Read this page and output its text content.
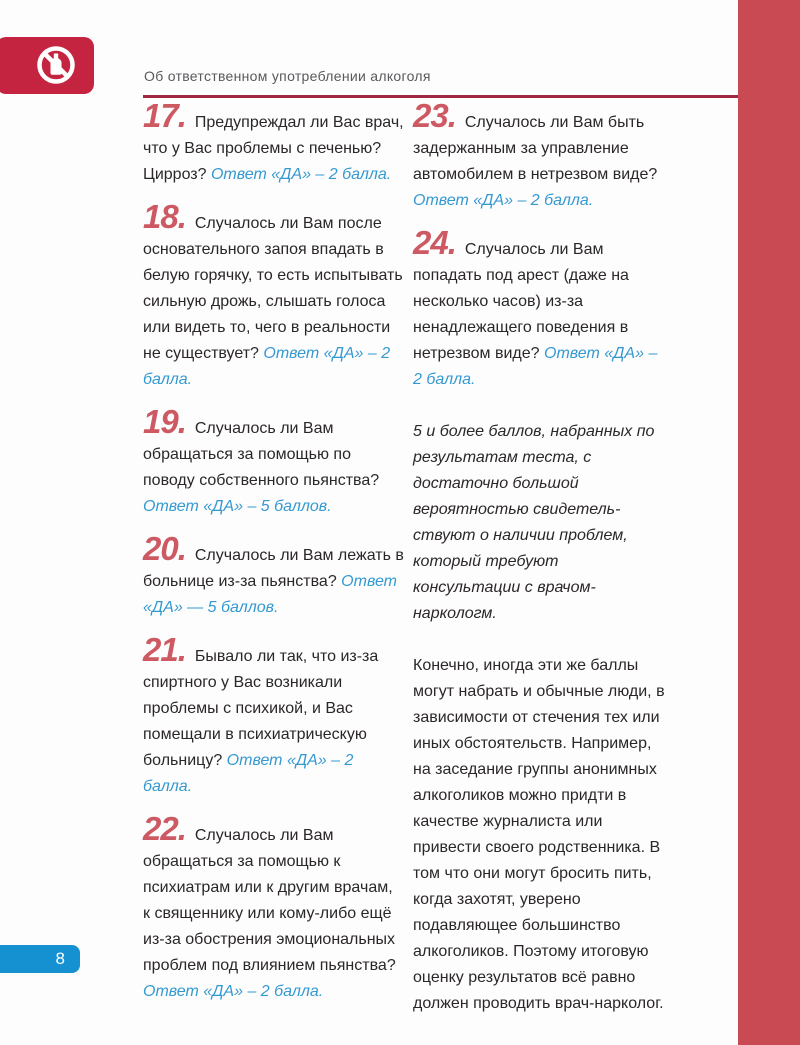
Об ответственном употреблении алкоголя

17. Предупреждал ли Вас врач, что у Вас проблемы с печенью? Цирроз? Ответ «ДА» – 2 балла.

18. Случалось ли Вам после основательного запоя впадать в белую горячку, то есть испытывать сильную дрожь, слышать голоса или видеть то, чего в реальности не существует? Ответ «ДА» – 2 балла.

19. Случалось ли Вам обращаться за помощью по поводу собственного пьянства? Ответ «ДА» – 5 баллов.

20. Случалось ли Вам лежать в больнице из-за пьянства? Ответ «ДА» — 5 баллов.

21. Бывало ли так, что из-за спиртного у Вас возникали проблемы с психикой, и Вас помещали в психиатрическую больницу? Ответ «ДА» – 2 балла.

22. Случалось ли Вам обращаться за помощью к психиатрам или к другим врачам, к священнику или кому-либо ещё из-за обострения эмоциональных проблем под влиянием пьянства? Ответ «ДА» – 2 балла.

23. Случалось ли Вам быть задержанным за управление автомобилем в нетрезвом виде? Ответ «ДА» – 2 балла.

24. Случалось ли Вам попадать под арест (даже на несколько часов) из-за ненадлежащего поведения в нетрезвом виде? Ответ «ДА» – 2 балла.

5 и более баллов, набранных по результатам теста, с достаточно большой вероятностью свидетельствуют о наличии проблем, который требуют консультации с врачом-наркологм.

Конечно, иногда эти же баллы могут набрать и обычные люди, в зависимости от стечения тех или иных обстоятельств. Например, на заседание группы анонимных алкоголиков можно придти в качестве журналиста или привести своего родственника. В том что они могут бросить пить, когда захотят, уверено подавляющее большинство алкоголиков. Поэтому итоговую оценку результатов всё равно должен проводить врач-нарколог.

8
